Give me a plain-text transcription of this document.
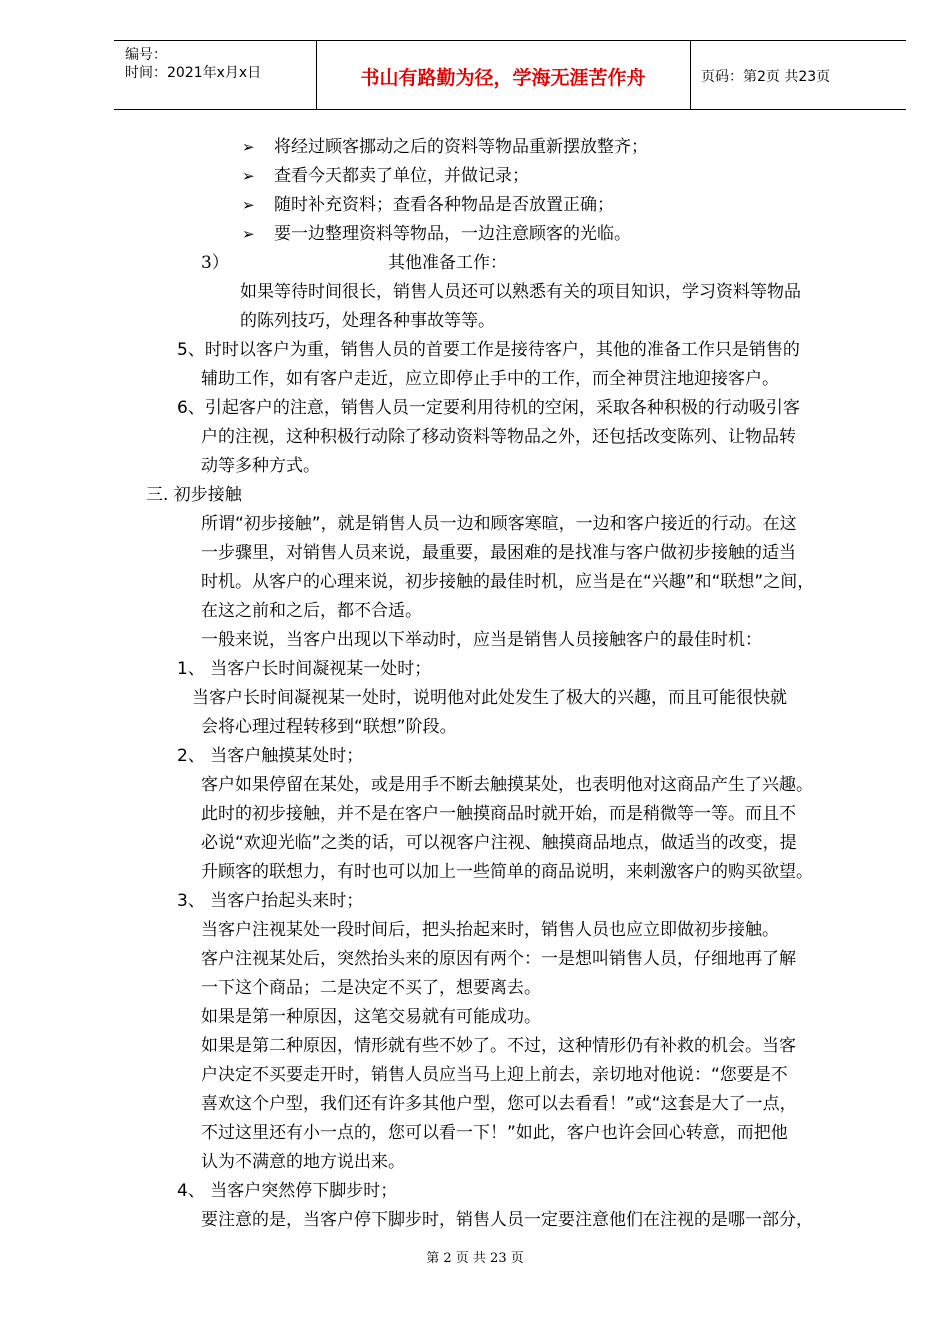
编号：
时间：2021年x月x日	书山有路勤为径，学海无涯苦作舟	页码：第2页 共23页
➢ 将经过顾客挪动之后的资料等物品重新摆放整齐；
➢ 查看今天都卖了单位，并做记录；
➢ 随时补充资料；查看各种物品是否放置正确；
➢ 要一边整理资料等物品，一边注意顾客的光临。
3）	其他准备工作：
如果等待时间很长，销售人员还可以熟悉有关的项目知识，学习资料等物品
的陈列技巧，处理各种事故等等。
5、时时以客户为重，销售人员的首要工作是接待客户，其他的准备工作只是销售的
辅助工作，如有客户走近，应立即停止手中的工作，而全神贯注地迎接客户。
6、引起客户的注意，销售人员一定要利用待机的空闲，采取各种积极的行动吸引客
户的注视，这种积极行动除了移动资料等物品之外，还包括改变陈列、让物品转
动等多种方式。
三. 初步接触
所谓“初步接触”，就是销售人员一边和顾客寒暄，一边和客户接近的行动。在这
一步骤里，对销售人员来说，最重要，最困难的是找准与客户做初步接触的适当
时机。从客户的心理来说，初步接触的最佳时机，应当是在“兴趣”和“联想”之间，
在这之前和之后，都不合适。
一般来说，当客户出现以下举动时，应当是销售人员接触客户的最佳时机：
1、 当客户长时间凝视某一处时；
当客户长时间凝视某一处时，说明他对此处发生了极大的兴趣，而且可能很快就
会将心理过程转移到“联想”阶段。
2、 当客户触摸某处时；
客户如果停留在某处，或是用手不断去触摸某处，也表明他对这商品产生了兴趣。
此时的初步接触，并不是在客户一触摸商品时就开始，而是稍微等一等。而且不
必说“欢迎光临”之类的话，可以视客户注视、触摸商品地点，做适当的改变，提
升顾客的联想力，有时也可以加上一些简单的商品说明，来刺激客户的购买欲望。
3、 当客户抬起头来时；
当客户注视某处一段时间后，把头抬起来时，销售人员也应立即做初步接触。
客户注视某处后，突然抬头来的原因有两个：一是想叫销售人员，仔细地再了解
一下这个商品；二是决定不买了，想要离去。
如果是第一种原因，这笔交易就有可能成功。
如果是第二种原因，情形就有些不妙了。不过，这种情形仍有补救的机会。当客
户决定不买要走开时，销售人员应当马上迎上前去，亲切地对他说：“您要是不
喜欢这个户型，我们还有许多其他户型，您可以去看看！”或“这套是大了一点，
不过这里还有小一点的，您可以看一下！”如此，客户也许会回心转意，而把他
认为不满意的地方说出来。
4、 当客户突然停下脚步时；
要注意的是，当客户停下脚步时，销售人员一定要注意他们在注视的是哪一部分，
第 2 页 共 23 页
